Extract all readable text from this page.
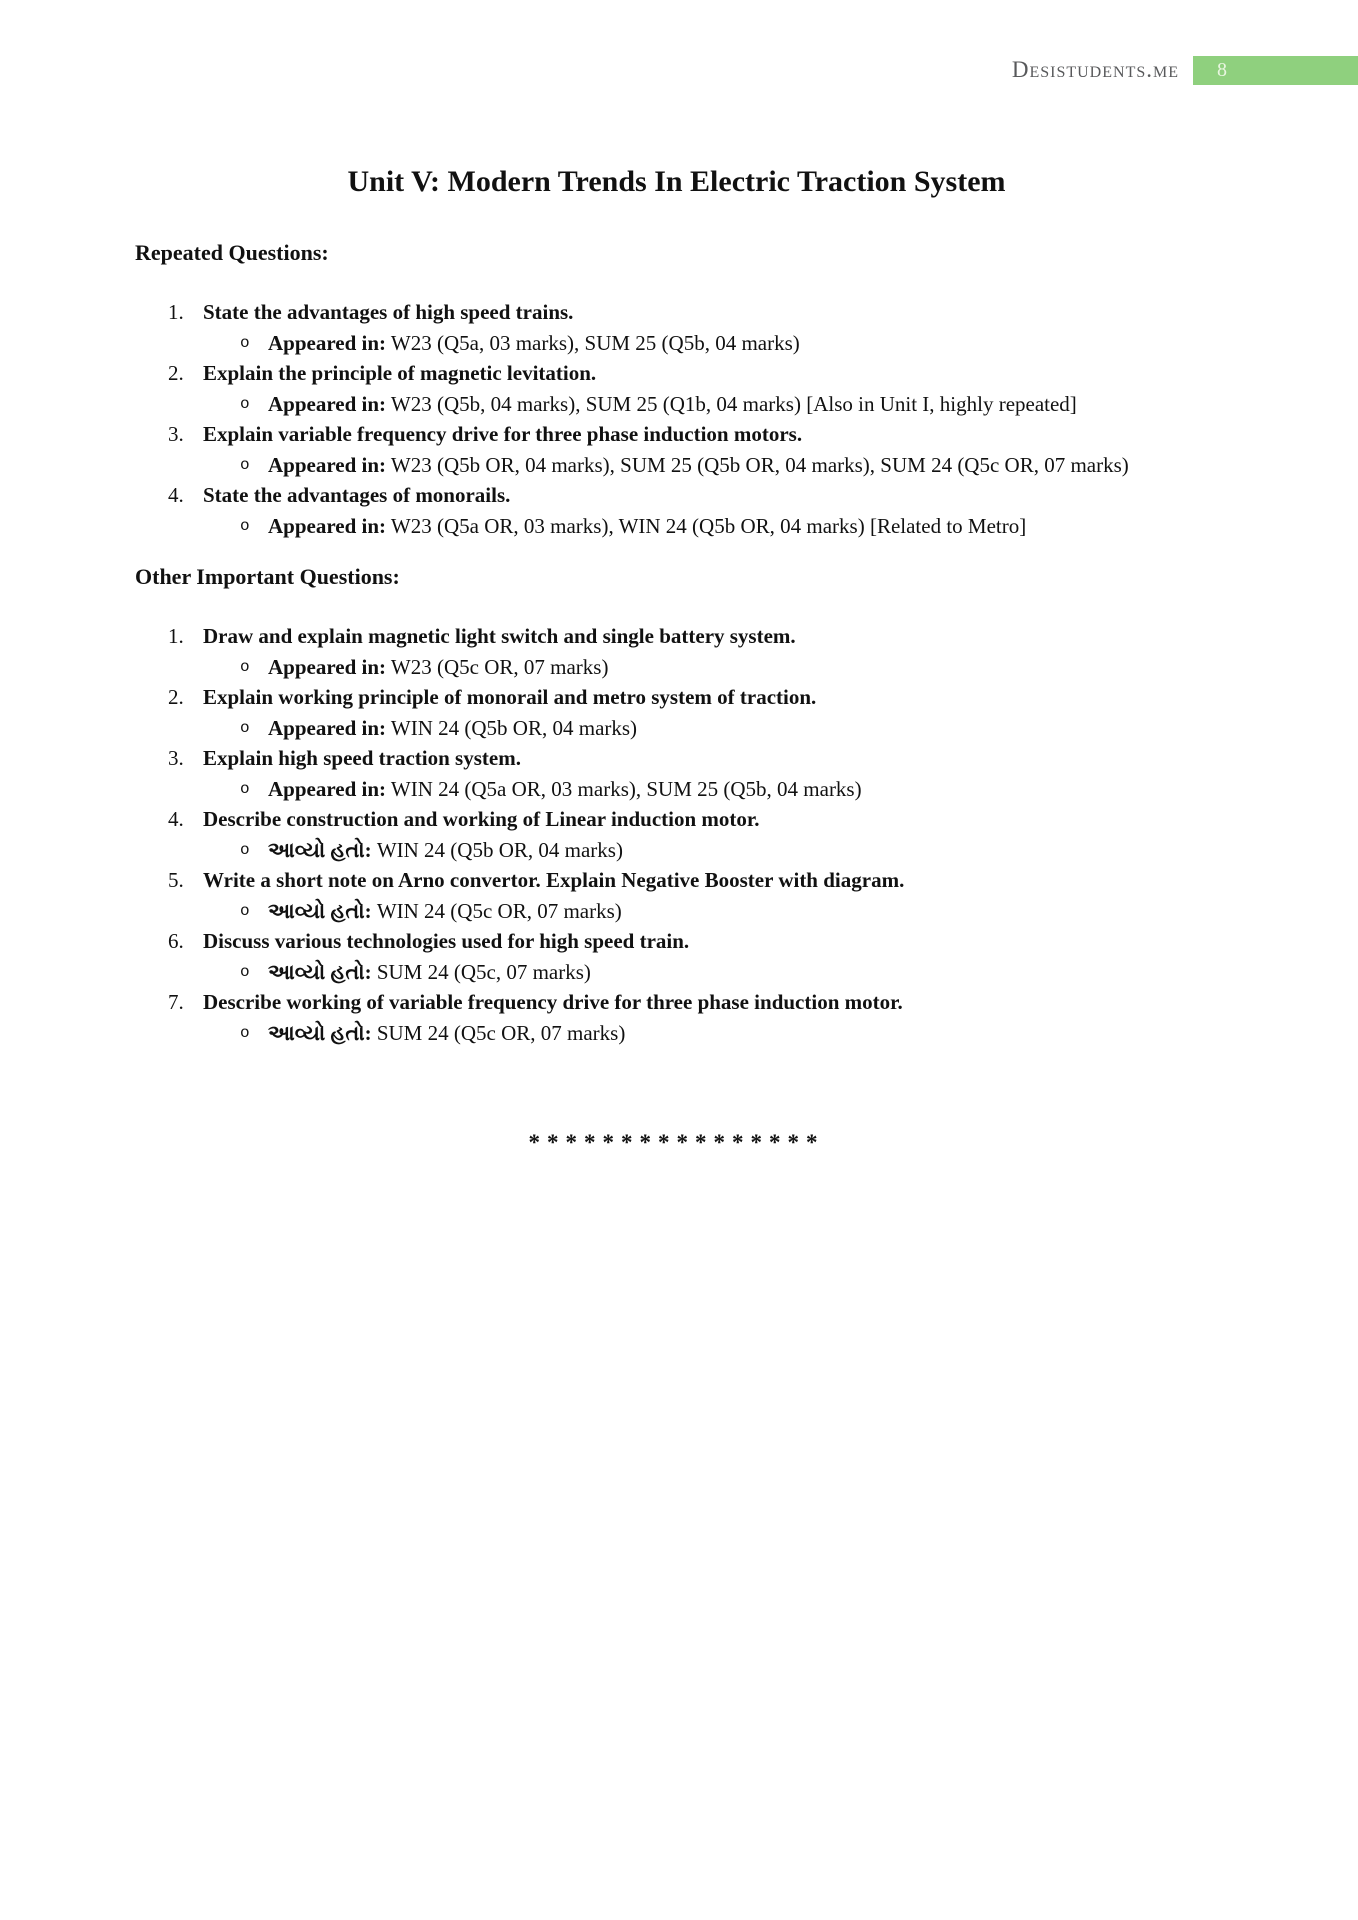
Desistudents.me 8
Unit V: Modern Trends In Electric Traction System
Repeated Questions:
1. State the advantages of high speed trains.
o Appeared in: W23 (Q5a, 03 marks), SUM 25 (Q5b, 04 marks)
2. Explain the principle of magnetic levitation.
o Appeared in: W23 (Q5b, 04 marks), SUM 25 (Q1b, 04 marks) [Also in Unit I, highly repeated]
3. Explain variable frequency drive for three phase induction motors.
o Appeared in: W23 (Q5b OR, 04 marks), SUM 25 (Q5b OR, 04 marks), SUM 24 (Q5c OR, 07 marks)
4. State the advantages of monorails.
o Appeared in: W23 (Q5a OR, 03 marks), WIN 24 (Q5b OR, 04 marks) [Related to Metro]
Other Important Questions:
1. Draw and explain magnetic light switch and single battery system.
o Appeared in: W23 (Q5c OR, 07 marks)
2. Explain working principle of monorail and metro system of traction.
o Appeared in: WIN 24 (Q5b OR, 04 marks)
3. Explain high speed traction system.
o Appeared in: WIN 24 (Q5a OR, 03 marks), SUM 25 (Q5b, 04 marks)
4. Describe construction and working of Linear induction motor.
o આવ્યો હતો: WIN 24 (Q5b OR, 04 marks)
5. Write a short note on Arno convertor. Explain Negative Booster with diagram.
o આવ્યો હતો: WIN 24 (Q5c OR, 07 marks)
6. Discuss various technologies used for high speed train.
o આવ્યો હતો: SUM 24 (Q5c, 07 marks)
7. Describe working of variable frequency drive for three phase induction motor.
o આવ્યો હતો: SUM 24 (Q5c OR, 07 marks)
****************
